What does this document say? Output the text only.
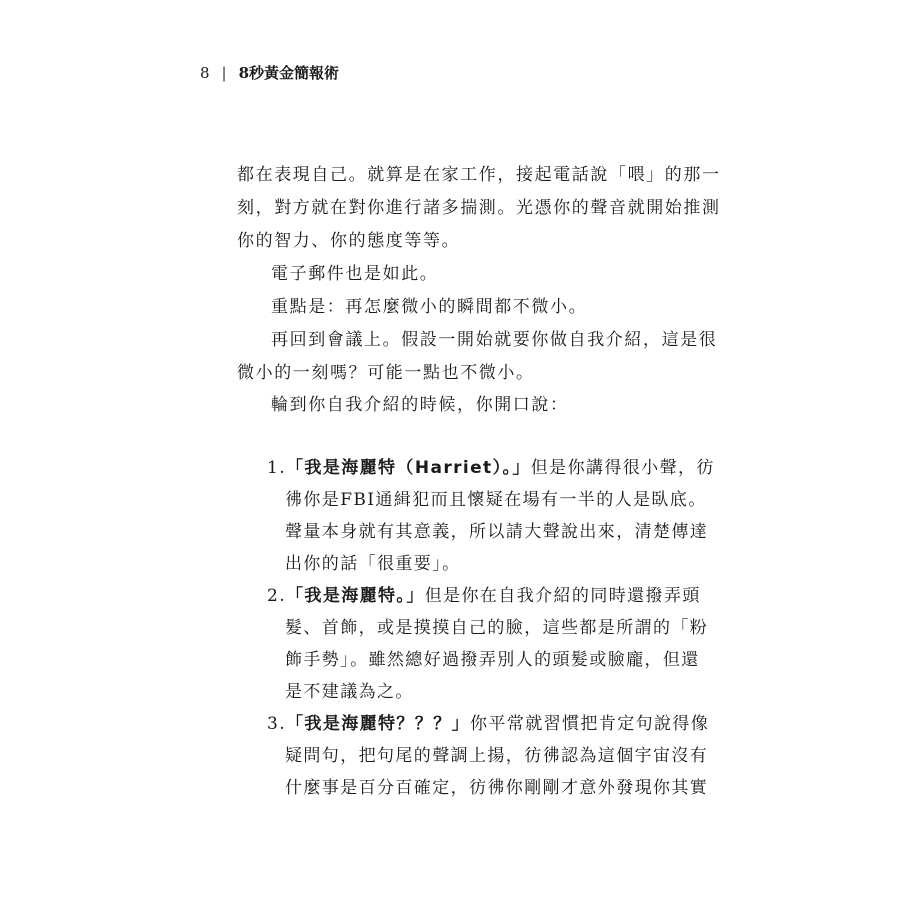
8 | 8秒黃金簡報術
都在表現自己。就算是在家工作，接起電話說「喂」的那一
刻，對方就在對你進行諸多揣測。光憑你的聲音就開始推測
你的智力、你的態度等等。
電子郵件也是如此。
重點是：再怎麼微小的瞬間都不微小。
再回到會議上。假設一開始就要你做自我介紹，這是很
微小的一刻嗎？可能一點也不微小。
輪到你自我介紹的時候，你開口說：
1.「我是海麗特（Harriet）。」但是你講得很小聲，彷
彿你是FBI通緝犯而且懷疑在場有一半的人是臥底。
聲量本身就有其意義，所以請大聲說出來，清楚傳達
出你的話「很重要」。
2.「我是海麗特。」但是你在自我介紹的同時還撥弄頭
髮、首飾，或是摸摸自己的臉，這些都是所謂的「粉
飾手勢」。雖然總好過撥弄別人的頭髮或臉龐，但還
是不建議為之。
3.「我是海麗特？？？」你平常就習慣把肯定句說得像
疑問句，把句尾的聲調上揚，彷彿認為這個宇宙沒有
什麼事是百分百確定，彷彿你剛剛才意外發現你其實
